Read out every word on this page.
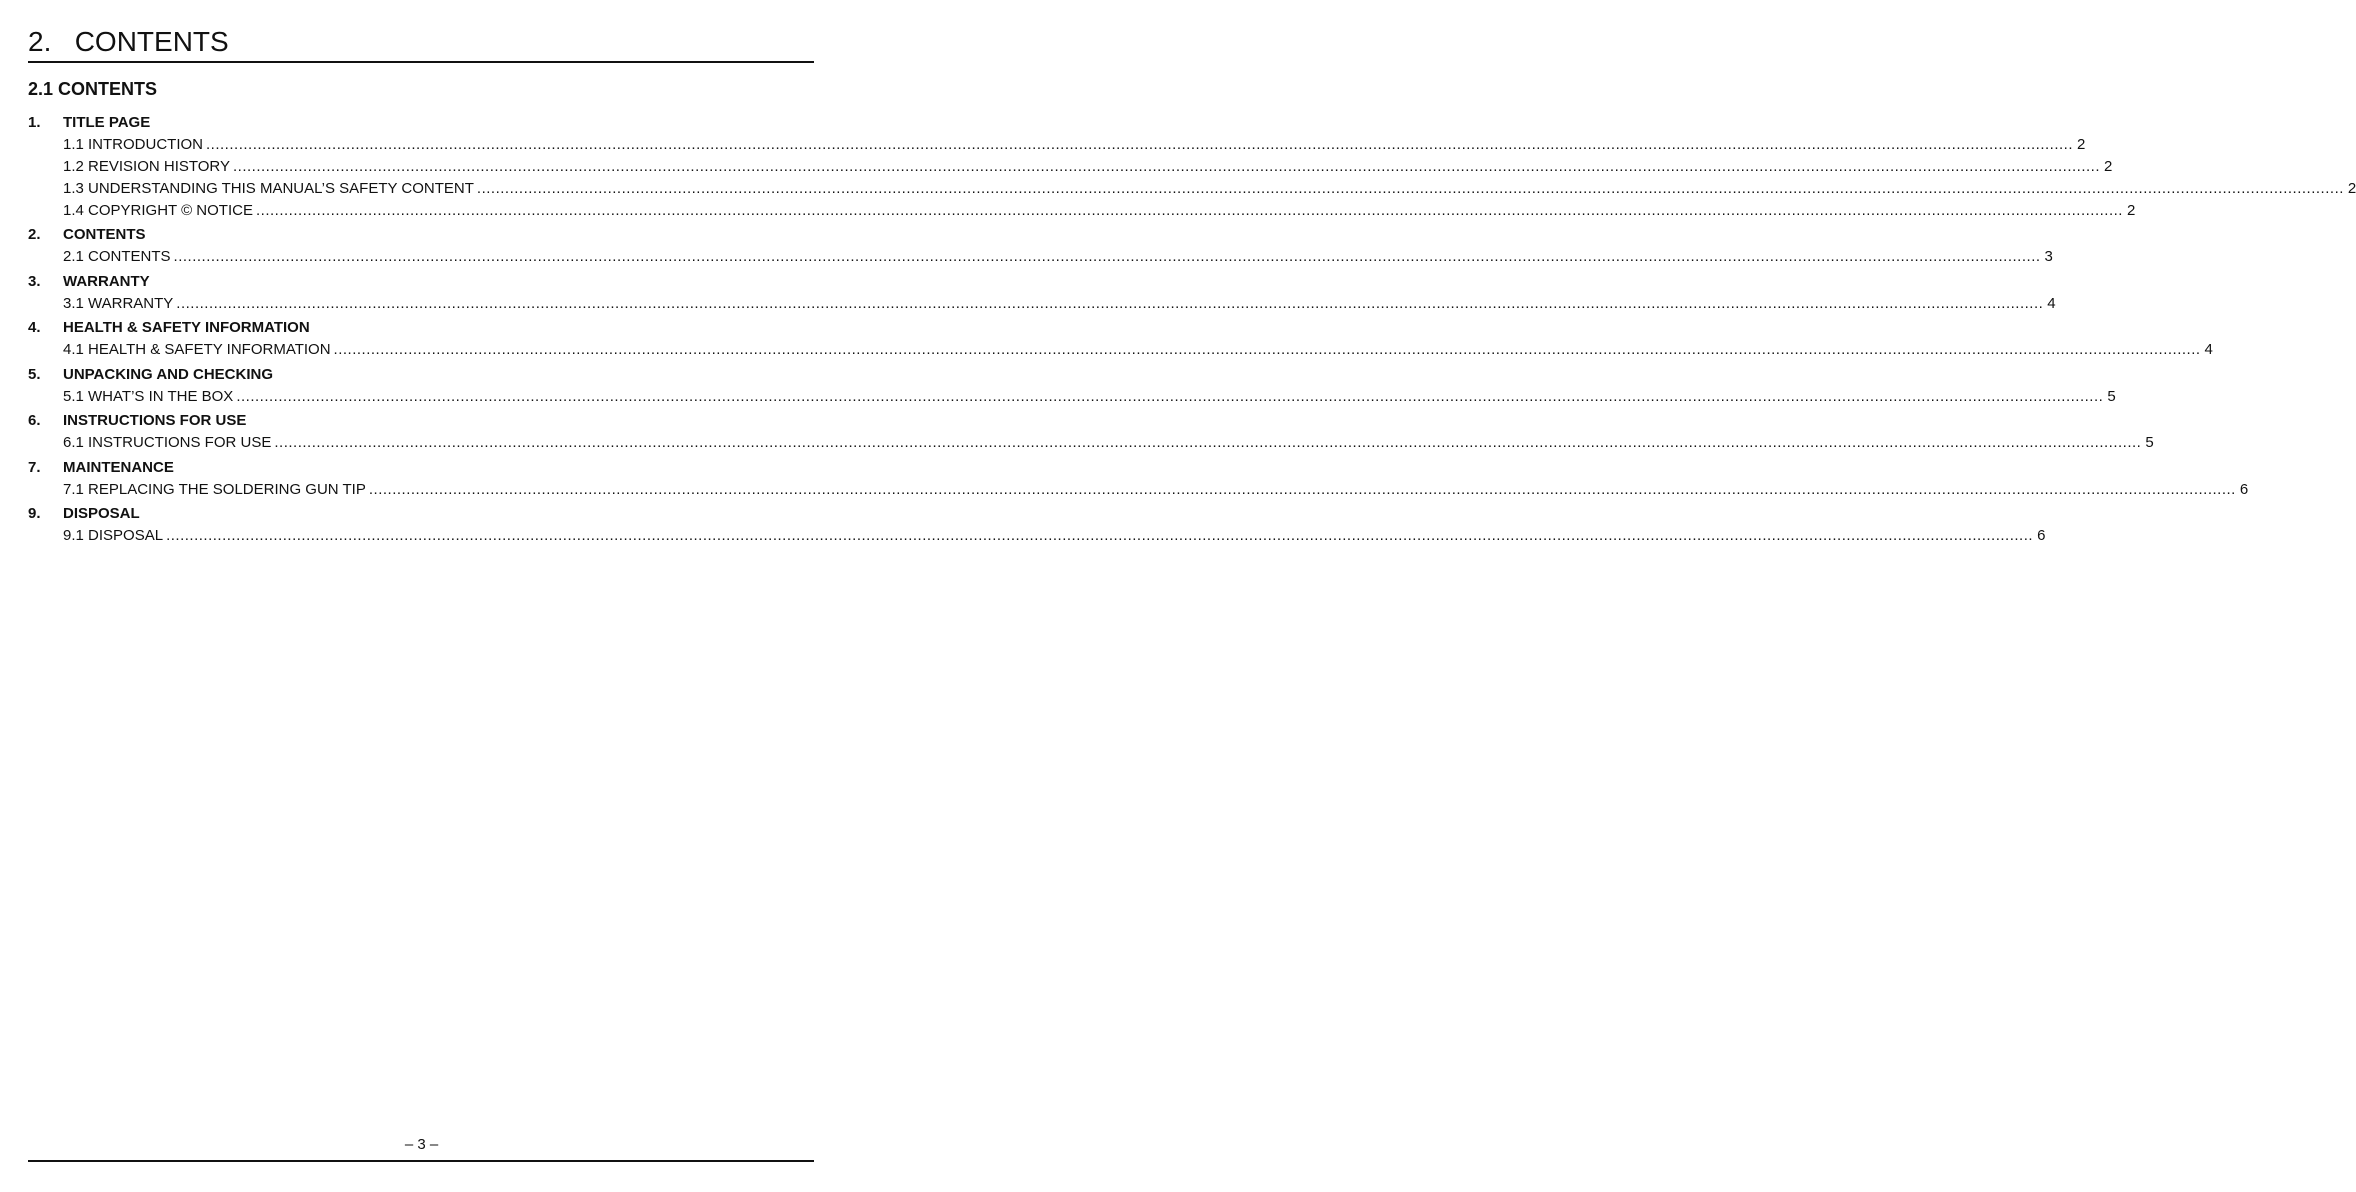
2.   CONTENTS
2.1 CONTENTS
1.	TITLE PAGE
1.1 INTRODUCTION ................................................................................................................................................................................................................................................................................................................................................................................................................ 2
1.2 REVISION HISTORY ................................................................................................................................................................................................................................................................................................................................................................................................................ 2
1.3 UNDERSTANDING THIS MANUAL’S SAFETY CONTENT ................................................................................................................................................................................................................................................................................................................................................................................................................ 2
1.4 COPYRIGHT © NOTICE ................................................................................................................................................................................................................................................................................................................................................................................................................ 2
2.	CONTENTS
2.1 CONTENTS ................................................................................................................................................................................................................................................................................................................................................................................................................ 3
3.	WARRANTY
3.1 WARRANTY ................................................................................................................................................................................................................................................................................................................................................................................................................ 4
4.	HEALTH & SAFETY INFORMATION
4.1 HEALTH & SAFETY INFORMATION ................................................................................................................................................................................................................................................................................................................................................................................................................ 4
5.	UNPACKING AND CHECKING
5.1 WHAT’S IN THE BOX ................................................................................................................................................................................................................................................................................................................................................................................................................ 5
6.	INSTRUCTIONS FOR USE
6.1 INSTRUCTIONS FOR USE ................................................................................................................................................................................................................................................................................................................................................................................................................ 5
7.	MAINTENANCE
7.1 REPLACING THE SOLDERING GUN TIP ................................................................................................................................................................................................................................................................................................................................................................................................................ 6
9.	DISPOSAL
9.1 DISPOSAL ................................................................................................................................................................................................................................................................................................................................................................................................................ 6
– 3 –
